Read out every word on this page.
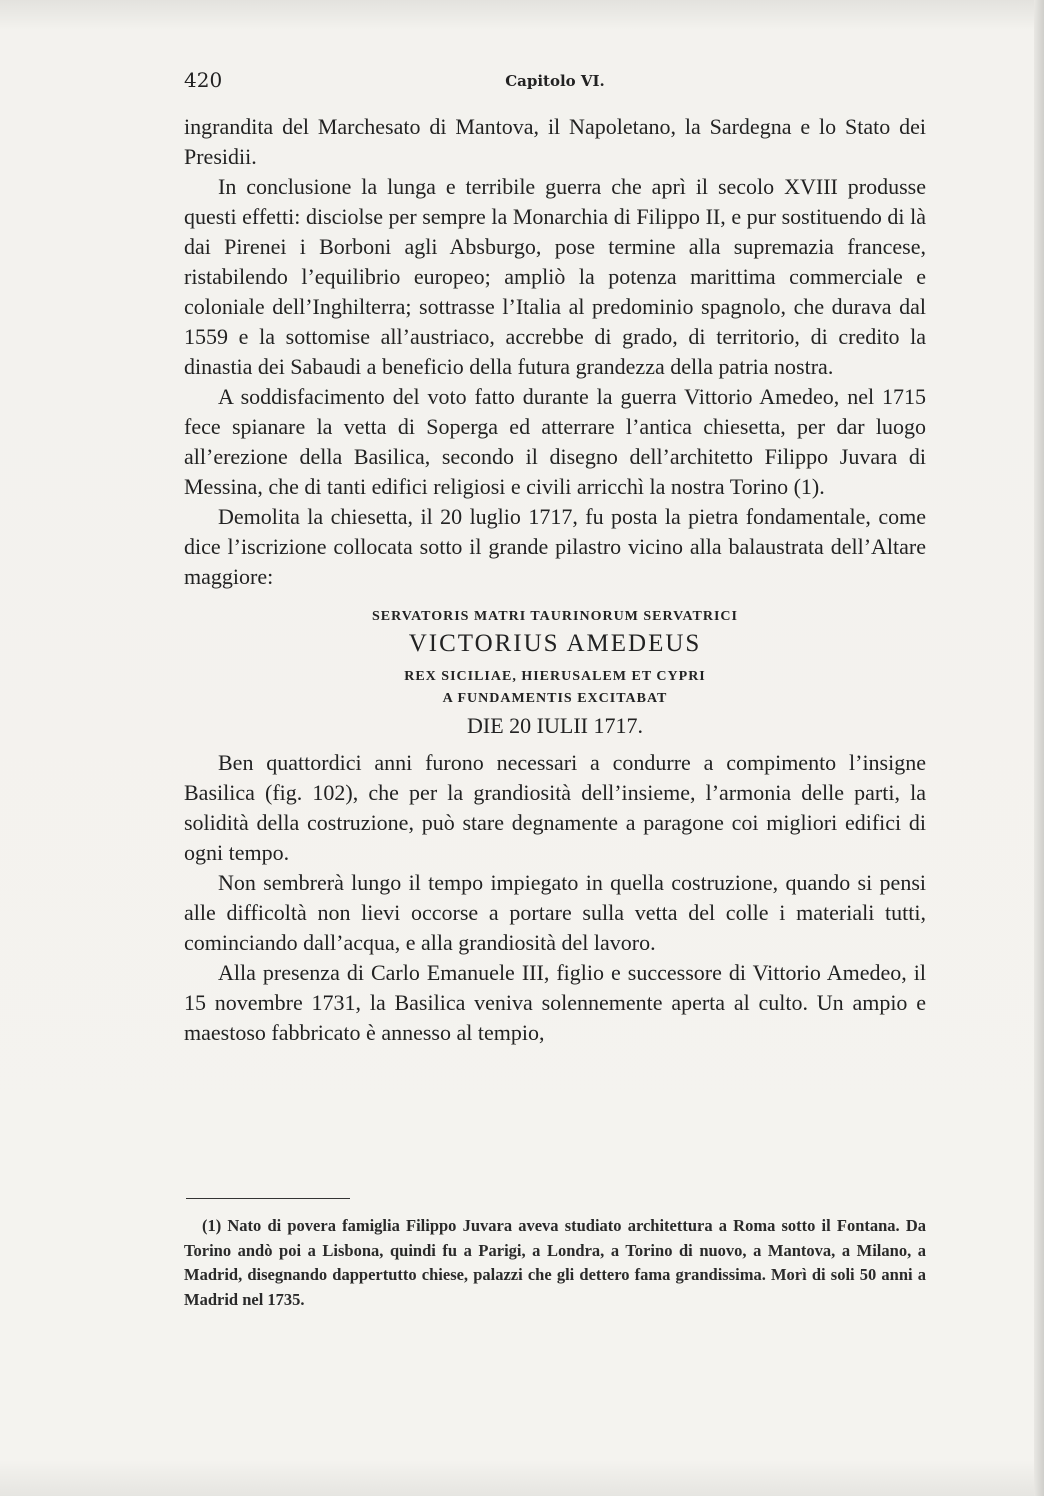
420	Capitolo VI.

ingrandita del Marchesato di Mantova, il Napoletano, la Sardegna e lo Stato dei Presidii.

In conclusione la lunga e terribile guerra che aprì il secolo XVIII produsse questi effetti: disciolse per sempre la Monarchia di Filippo II, e pur sostituendo di là dai Pirenei i Borboni agli Absburgo, pose termine alla supremazia francese, ristabilendo l’equilibrio europeo; ampliò la potenza marittima commerciale e coloniale dell’Inghilterra; sottrasse l’Italia al predominio spagnolo, che durava dal 1559 e la sottomise all’austriaco, accrebbe di grado, di territorio, di credito la dinastia dei Sabaudi a beneficio della futura grandezza della patria nostra.

A soddisfacimento del voto fatto durante la guerra Vittorio Amedeo, nel 1715 fece spianare la vetta di Soperga ed atterrare l’antica chiesetta, per dar luogo all’erezione della Basilica, secondo il disegno dell’architetto Filippo Juvara di Messina, che di tanti edifici religiosi e civili arricchì la nostra Torino (1).

Demolita la chiesetta, il 20 luglio 1717, fu posta la pietra fondamentale, come dice l’iscrizione collocata sotto il grande pilastro vicino alla balaustrata dell’Altare maggiore:

SERVATORIS MATRI TAURINORUM SERVATRICI
VICTORIUS AMEDEUS
REX SICILIAE, HIERUSALEM ET CYPRI
A FUNDAMENTIS EXCITABAT
DIE 20 IULII 1717.

Ben quattordici anni furono necessari a condurre a compimento l’insigne Basilica (fig. 102), che per la grandiosità dell’insieme, l’armonia delle parti, la solidità della costruzione, può stare degnamente a paragone coi migliori edifici di ogni tempo.

Non sembrerà lungo il tempo impiegato in quella costruzione, quando si pensi alle difficoltà non lievi occorse a portare sulla vetta del colle i materiali tutti, cominciando dall’acqua, e alla grandiosità del lavoro.

Alla presenza di Carlo Emanuele III, figlio e successore di Vittorio Amedeo, il 15 novembre 1731, la Basilica veniva solennemente aperta al culto. Un ampio e maestoso fabbricato è annesso al tempio,

(1) Nato di povera famiglia Filippo Juvara aveva studiato architettura a Roma sotto il Fontana. Da Torino andò poi a Lisbona, quindi fu a Parigi, a Londra, a Torino di nuovo, a Mantova, a Milano, a Madrid, disegnando dappertutto chiese, palazzi che gli dettero fama grandissima. Morì di soli 50 anni a Madrid nel 1735.
